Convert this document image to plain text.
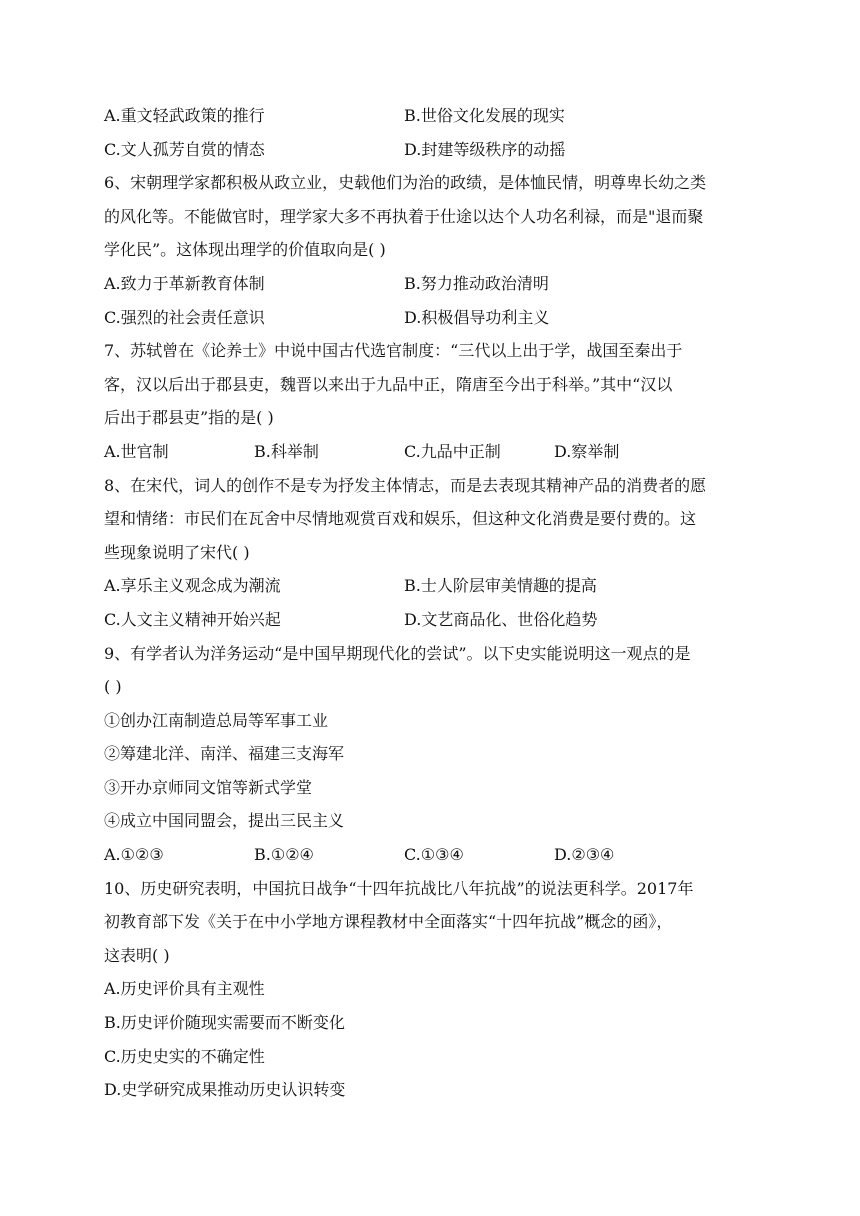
A.重文轻武政策的推行	B.世俗文化发展的现实
C.文人孤芳自赏的情态	D.封建等级秩序的动摇
6、宋朝理学家都积极从政立业，史载他们为治的政绩，是体恤民情，明尊卑长幼之类
的风化等。不能做官时，理学家大多不再执着于仕途以达个人功名利禄，而是"退而聚
学化民”。这体现出理学的价值取向是( )
A.致力于革新教育体制	B.努力推动政治清明
C.强烈的社会责任意识	D.积极倡导功利主义
7、苏轼曾在《论养士》中说中国古代选官制度：“三代以上出于学，战国至秦出于
客，汉以后出于郡县吏，魏晋以来出于九品中正，隋唐至今出于科举。”其中“汉以
后出于郡县吏”指的是( )
A.世官制	B.科举制	C.九品中正制	D.察举制
8、在宋代，词人的创作不是专为抒发主体情志，而是去表现其精神产品的消费者的愿
望和情绪：市民们在瓦舍中尽情地观赏百戏和娱乐，但这种文化消费是要付费的。这
些现象说明了宋代( )
A.享乐主义观念成为潮流	B.士人阶层审美情趣的提高
C.人文主义精神开始兴起	D.文艺商品化、世俗化趋势
9、有学者认为洋务运动“是中国早期现代化的尝试”。以下史实能说明这一观点的是
( )
①创办江南制造总局等军事工业
②筹建北洋、南洋、福建三支海军
③开办京师同文馆等新式学堂
④成立中国同盟会，提出三民主义
A.①②③	B.①②④	C.①③④	D.②③④
10、历史研究表明，中国抗日战争“十四年抗战比八年抗战”的说法更科学。2017年
初教育部下发《关于在中小学地方课程教材中全面落实“十四年抗战”概念的函》，
这表明( )
A.历史评价具有主观性
B.历史评价随现实需要而不断变化
C.历史史实的不确定性
D.史学研究成果推动历史认识转变
